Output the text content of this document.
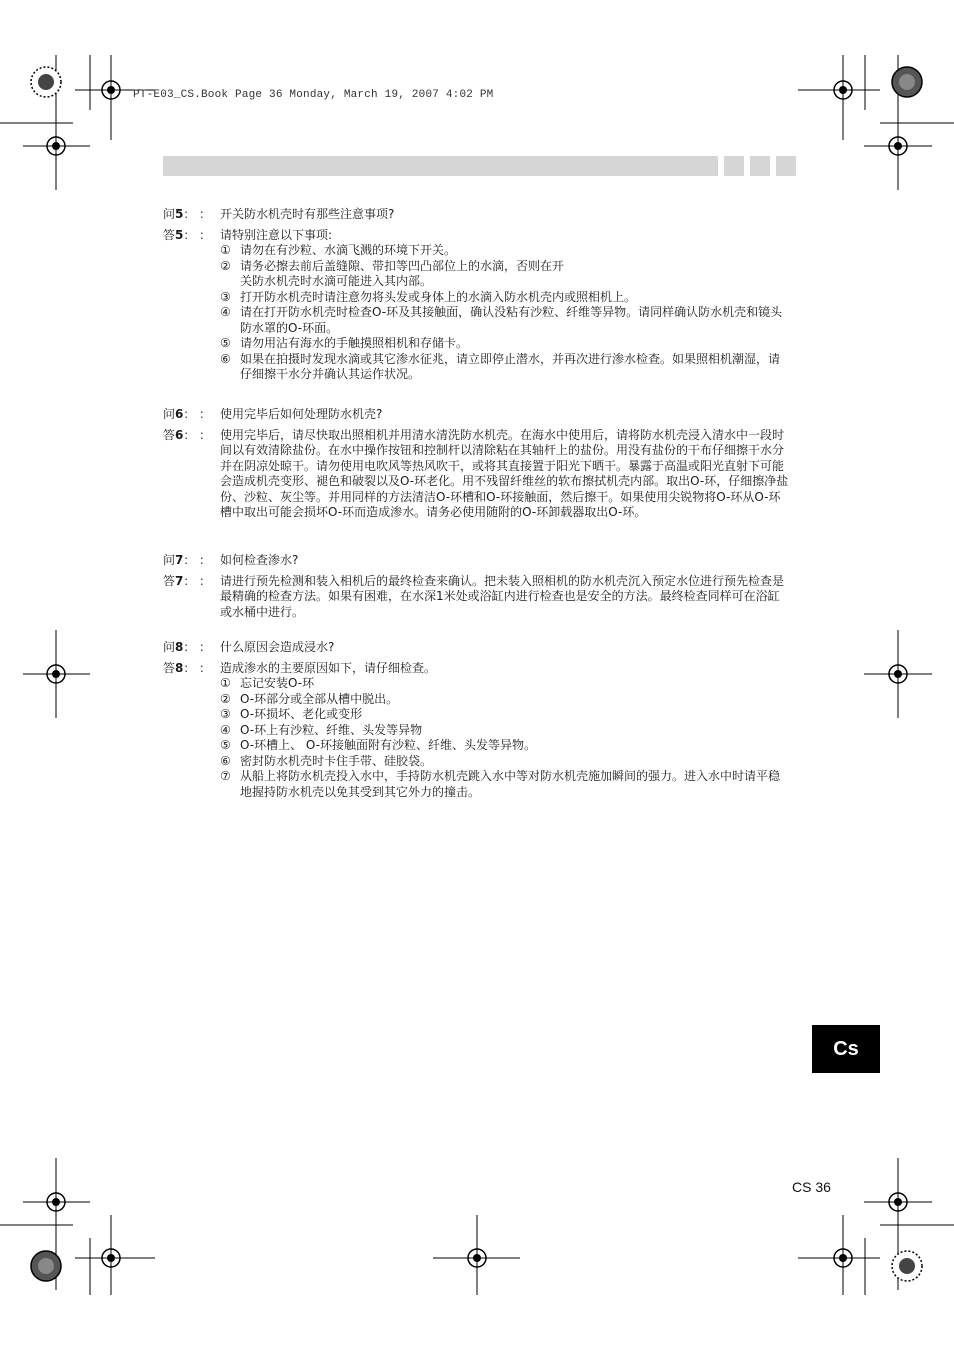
PT-E03_CS.Book Page 36 Monday, March 19, 2007 4:02 PM
问5： ： 开关防水机壳时有那些注意事项?
答5： ： 请特别注意以下事项:
① 请勿在有沙粒、水滴飞溅的环境下开关。
② 请务必擦去前后盖缝隙、带扣等凹凸部位上的水滴，否则在开关防水机壳时水滴可能进入其内部。
③ 打开防水机壳时请注意勿将头发或身体上的水滴入防水机壳内或照相机上。
④ 请在打开防水机壳时检查O-环及其接触面，确认没粘有沙粒、纤维等异物。请同样确认防水机壳和镜头防水罩的O-环面。
⑤ 请勿用沾有海水的手触摸照相机和存储卡。
⑥ 如果在拍摄时发现水滴或其它渗水征兆，请立即停止潜水，并再次进行渗水检查。如果照相机潮湿，请仔细擦干水分并确认其运作状况。
问6： ： 使用完毕后如何处理防水机壳?
答6： ： 使用完毕后，请尽快取出照相机并用清水清洗防水机壳。在海水中使用后，请将防水机壳浸入清水中一段时间以有效清除盐份。在水中操作按钮和控制杆以清除粘在其轴杆上的盐份。用没有盐份的干布仔细擦干水分并在阴凉处晾干。请勿使用电吹风等热风吹干，或将其直接置于阳光下晒干。暴露于高温或阳光直射下可能会造成机壳变形、褪色和破裂以及O-环老化。用不残留纤维丝的软布擦拭机壳内部。取出O-环，仔细擦净盐份、沙粒、灰尘等。并用同样的方法清洁O-环槽和O-环接触面，然后擦干。如果使用尖锐物将O-环从O-环槽中取出可能会损坏O-环而造成渗水。请务必使用随附的O-环卸载器取出O-环。
问7： ： 如何检查渗水?
答7： ： 请进行预先检测和装入相机后的最终检查来确认。把未装入照相机的防水机壳沉入预定水位进行预先检查是最精确的检查方法。如果有困难，在水深1米处或浴缸内进行检查也是安全的方法。最终检查同样可在浴缸或水桶中进行。
问8： ： 什么原因会造成浸水?
答8： ： 造成渗水的主要原因如下，请仔细检查。
① 忘记安装O-环
② O-环部分或全部从槽中脱出。
③ O-环损坏、老化或变形
④ O-环上有沙粒、纤维、头发等异物
⑤ O-环槽上、 O-环接触面附有沙粒、纤维、头发等异物。
⑥ 密封防水机壳时卡住手带、硅胶袋。
⑦ 从船上将防水机壳投入水中，手持防水机壳跳入水中等对防水机壳施加瞬间的强力。进入水中时请平稳地握持防水机壳以免其受到其它外力的撞击。
Cs
CS 36
